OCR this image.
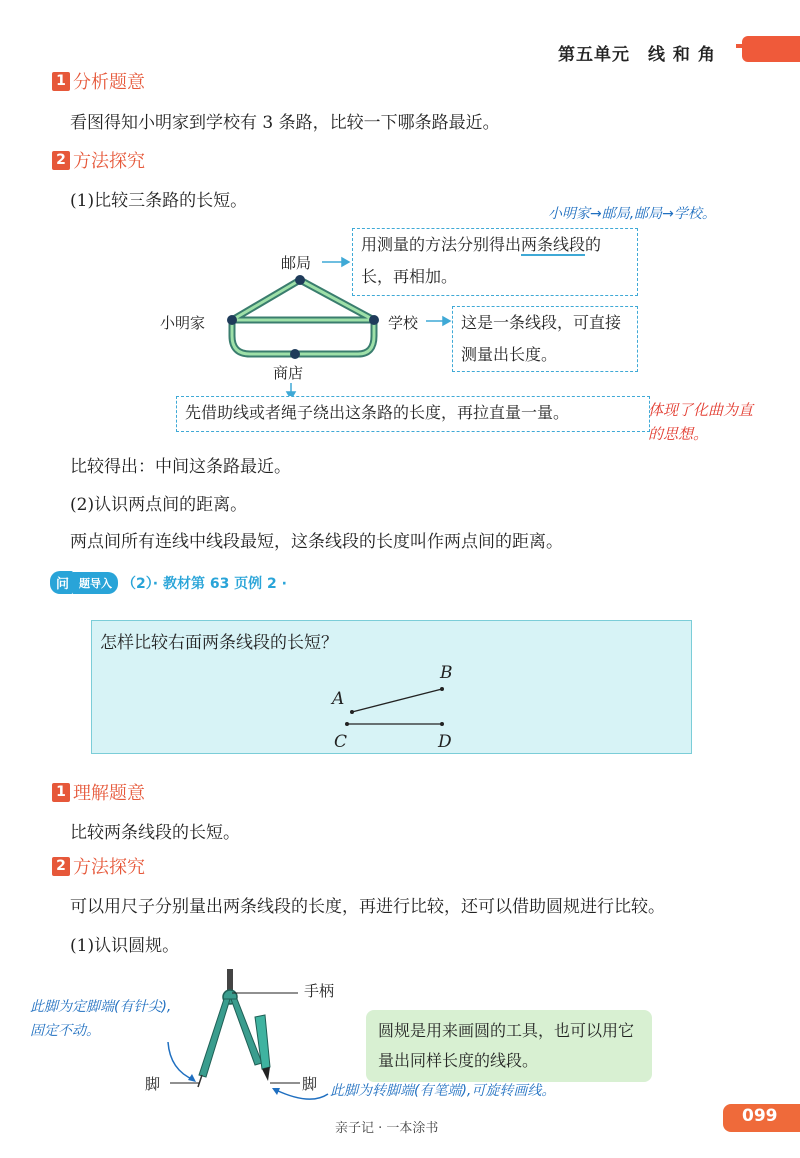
第五单元 线 和 角
1 分析题意
看图得知小明家到学校有 3 条路，比较一下哪条路最近。
2 方法探究
(1)比较三条路的长短。
小明家→邮局,邮局→学校。
邮局
小明家	学校
商店
用测量的方法分别得出两条线段的长，再相加。
这是一条线段，可直接测量出长度。
先借助线或者绳子绕出这条路的长度，再拉直量一量。	体现了化曲为直的思想。
比较得出：中间这条路最近。
(2)认识两点间的距离。
两点间所有连线中线段最短，这条线段的长度叫作两点间的距离。
问 题导入 （2）· 教材第 63 页例 2 ·
怎样比较右面两条线段的长短？
A
B
C	D
1 理解题意
比较两条线段的长短。
2 方法探究
可以用尺子分别量出两条线段的长度，再进行比较，还可以借助圆规进行比较。
(1)认识圆规。
手柄
脚	脚
圆规是用来画圆的工具，也可以用它量出同样长度的线段。
此脚为定脚端(有针尖),固定不动。
此脚为转脚端(有笔端),可旋转画线。
亲子记 · 一本涂书
099
